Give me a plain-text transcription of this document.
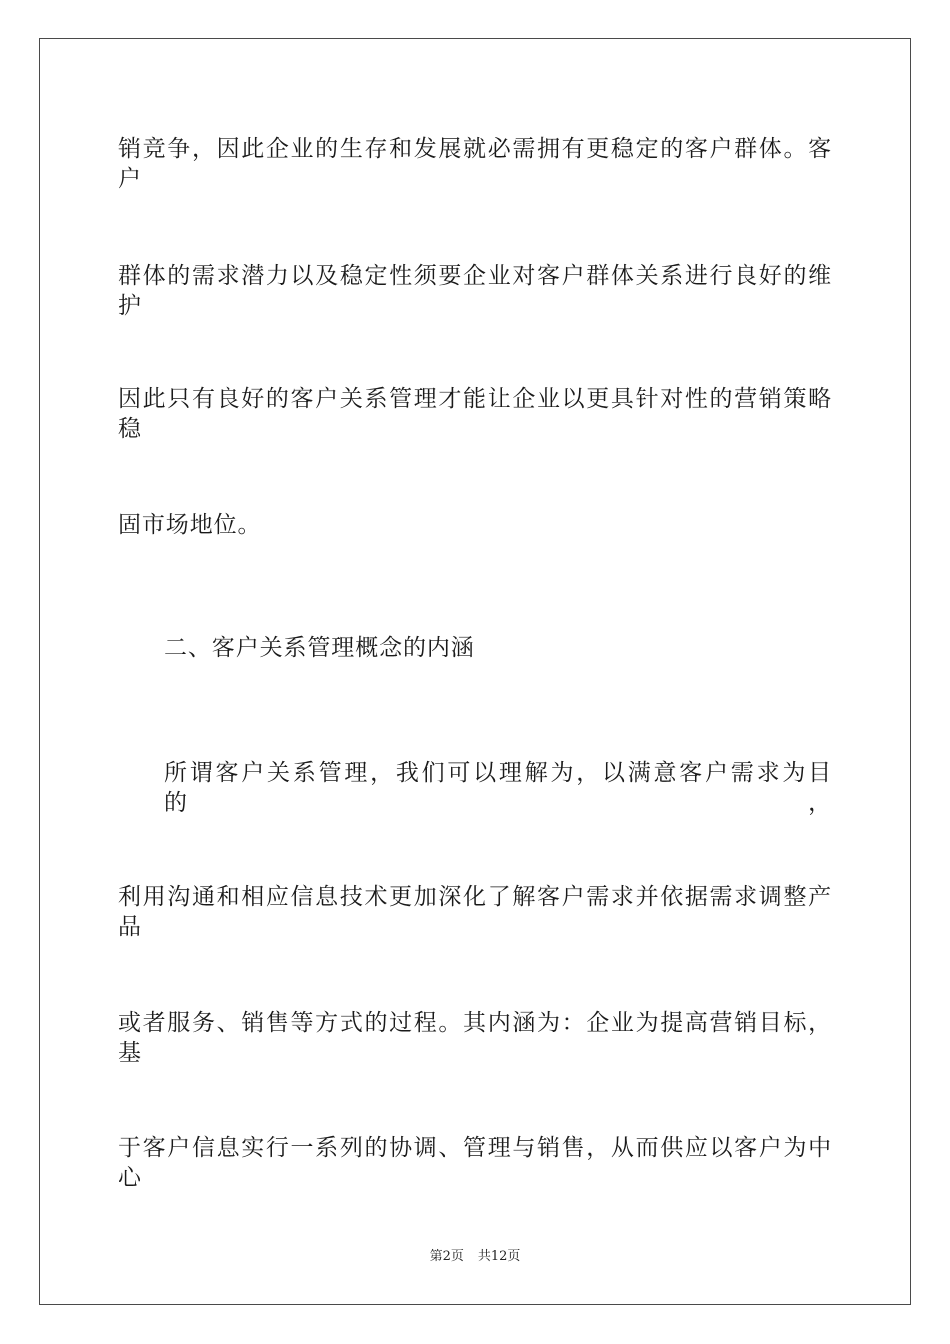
销竞争，因此企业的生存和发展就必需拥有更稳定的客户群体。客户
群体的需求潜力以及稳定性须要企业对客户群体关系进行良好的维护
因此只有良好的客户关系管理才能让企业以更具针对性的营销策略稳
固市场地位。
二、客户关系管理概念的内涵
所谓客户关系管理，我们可以理解为，以满意客户需求为目的，
利用沟通和相应信息技术更加深化了解客户需求并依据需求调整产品
或者服务、销售等方式的过程。其内涵为：企业为提高营销目标，基
于客户信息实行一系列的协调、管理与销售，从而供应以客户为中心
第2页 共12页
